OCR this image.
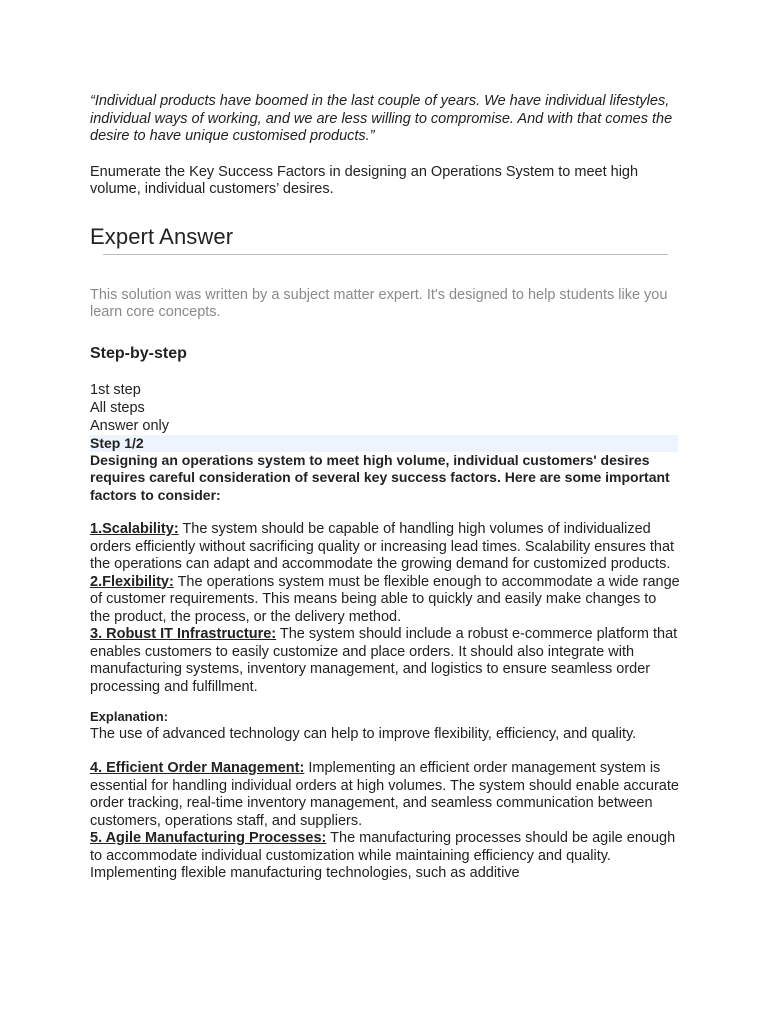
“Individual products have boomed in the last couple of years. We have individual lifestyles, individual ways of working, and we are less willing to compromise. And with that comes the desire to have unique customised products.”

Enumerate the Key Success Factors in designing an Operations System to meet high volume, individual customers’ desires.

Expert Answer

This solution was written by a subject matter expert. It's designed to help students like you learn core concepts.

Step-by-step
1st step
All steps
Answer only
Step 1/2

Designing an operations system to meet high volume, individual customers' desires requires careful consideration of several key success factors. Here are some important factors to consider:

1.Scalability: The system should be capable of handling high volumes of individualized orders efficiently without sacrificing quality or increasing lead times. Scalability ensures that the operations can adapt and accommodate the growing demand for customized products.

2.Flexibility: The operations system must be flexible enough to accommodate a wide range of customer requirements. This means being able to quickly and easily make changes to the product, the process, or the delivery method.

3. Robust IT Infrastructure: The system should include a robust e-commerce platform that enables customers to easily customize and place orders. It should also integrate with manufacturing systems, inventory management, and logistics to ensure seamless order processing and fulfillment.

Explanation:

The use of advanced technology can help to improve flexibility, efficiency, and quality.

4. Efficient Order Management: Implementing an efficient order management system is essential for handling individual orders at high volumes. The system should enable accurate order tracking, real-time inventory management, and seamless communication between customers, operations staff, and suppliers.

5. Agile Manufacturing Processes: The manufacturing processes should be agile enough to accommodate individual customization while maintaining efficiency and quality. Implementing flexible manufacturing technologies, such as additive
